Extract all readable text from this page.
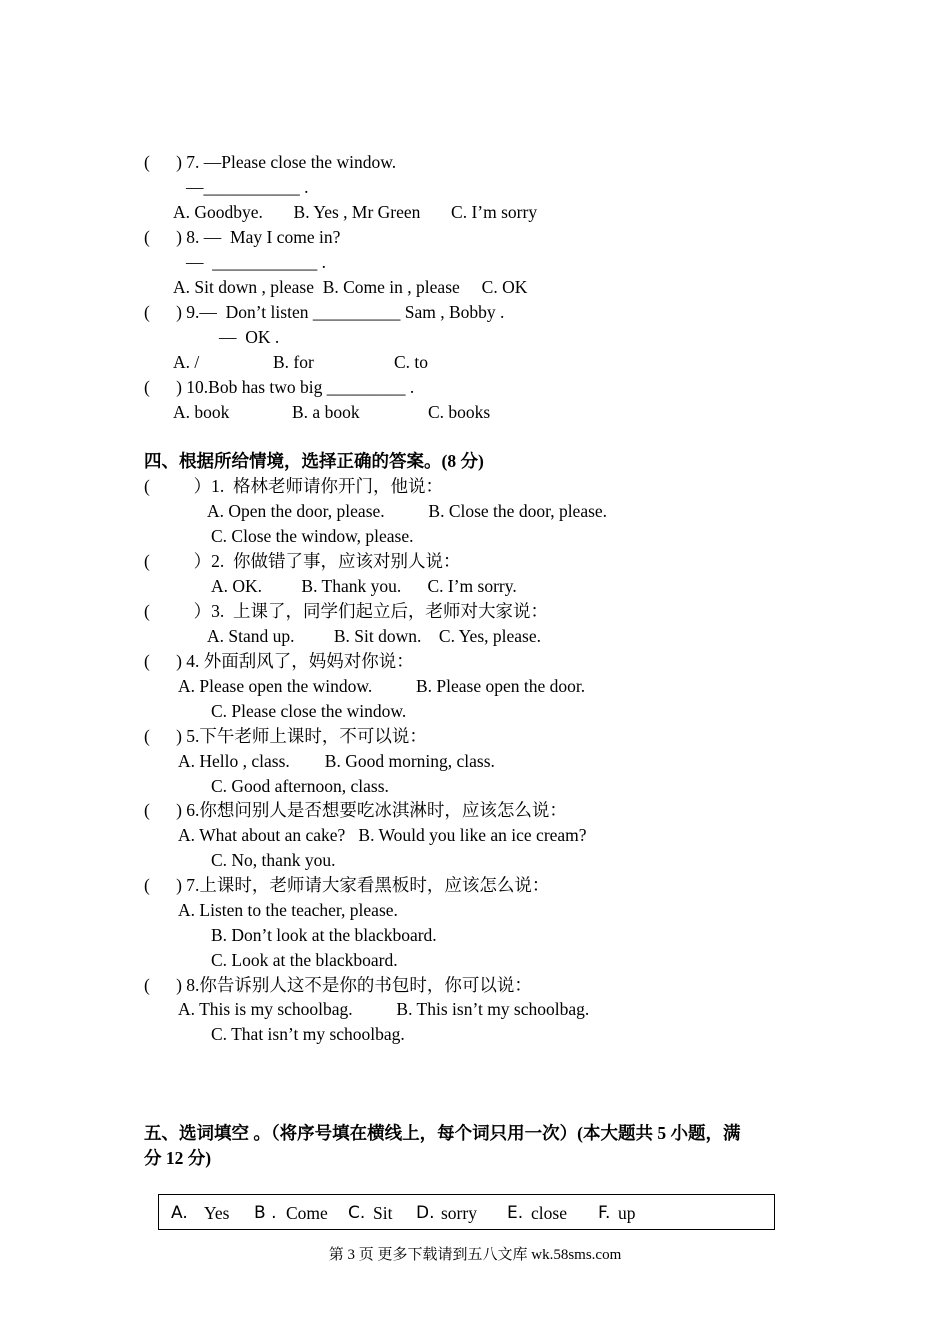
(      ) 7. —Please close the window.
—___________ .
A. Goodbye.       B. Yes , Mr Green       C. I’m sorry
(      ) 8. —  May I come in?
—  ____________ .
A. Sit down , please  B. Come in , please     C. OK
(      ) 9.—  Don’t listen __________ Sam , Bobby .
—  OK .
A. /	B. for	C. to
(      ) 10.Bob has two big _________ .
A. book	B. a book	C. books
四、根据所给情境，选择正确的答案。(8 分)
(          ）1.  格林老师请你开门，他说：
A. Open the door, please.          B. Close the door, please.
C. Close the window, please.
(          ）2.  你做错了事，应该对别人说：
A. OK.         B. Thank you.      C. I’m sorry.
(          ）3.  上课了，同学们起立后，老师对大家说：
A. Stand up.         B. Sit down.    C. Yes, please.
(      ) 4. 外面刮风了，妈妈对你说：
A. Please open the window.          B. Please open the door.
C. Please close the window.
(      ) 5.下午老师上课时，不可以说：
A. Hello , class.        B. Good morning, class.
C. Good afternoon, class.
(      ) 6.你想问别人是否想要吃冰淇淋时，应该怎么说：
A. What about an cake?   B. Would you like an ice cream?
C. No, thank you.
(      ) 7.上课时，老师请大家看黑板时，应该怎么说：
A. Listen to the teacher, please.
B. Don’t look at the blackboard.
C. Look at the blackboard.
(      ) 8.你告诉别人这不是你的书包时，你可以说：
A. This is my schoolbag.          B. This isn’t my schoolbag.
C. That isn’t my schoolbag.
五、选词填空 。（将序号填在横线上，每个词只用一次）(本大题共 5 小题，满
分 12 分)
A. Yes B . Come C. Sit D. sorry E. close F. up
第 3 页 更多下载请到五八文库 wk.58sms.com
